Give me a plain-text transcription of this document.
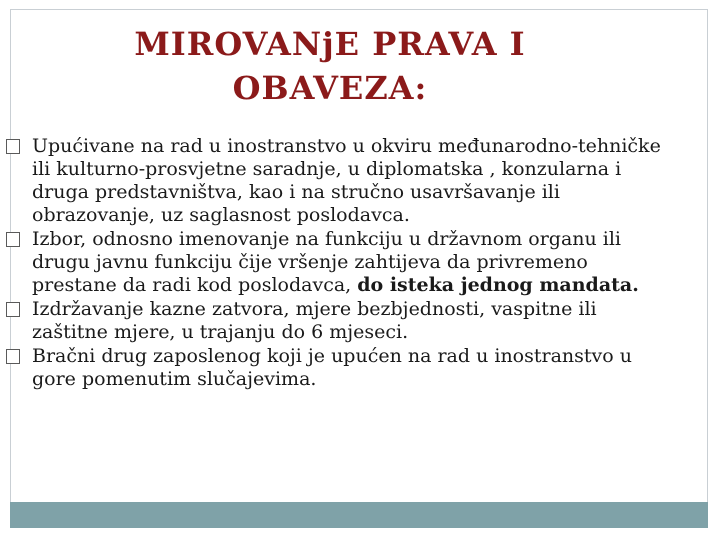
MIROVANjE PRAVA I
OBAVEZA:
Upućivane na rad u inostranstvo u okviru međunarodno-tehničke ili kulturno-prosvjetne saradnje, u diplomatska , konzularna i druga predstavništva, kao i na stručno usavršavanje ili obrazovanje, uz saglasnost poslodavca.
Izbor, odnosno imenovanje na funkciju u državnom organu ili drugu javnu funkciju čije vršenje zahtijeva da privremeno prestane da radi kod poslodavca, do isteka jednog mandata.
Izdržavanje kazne zatvora, mjere bezbjednosti, vaspitne ili zaštitne mjere, u trajanju do 6 mjeseci.
Bračni drug zaposlenog koji je upućen na rad u inostranstvo u gore pomenutim slučajevima.
